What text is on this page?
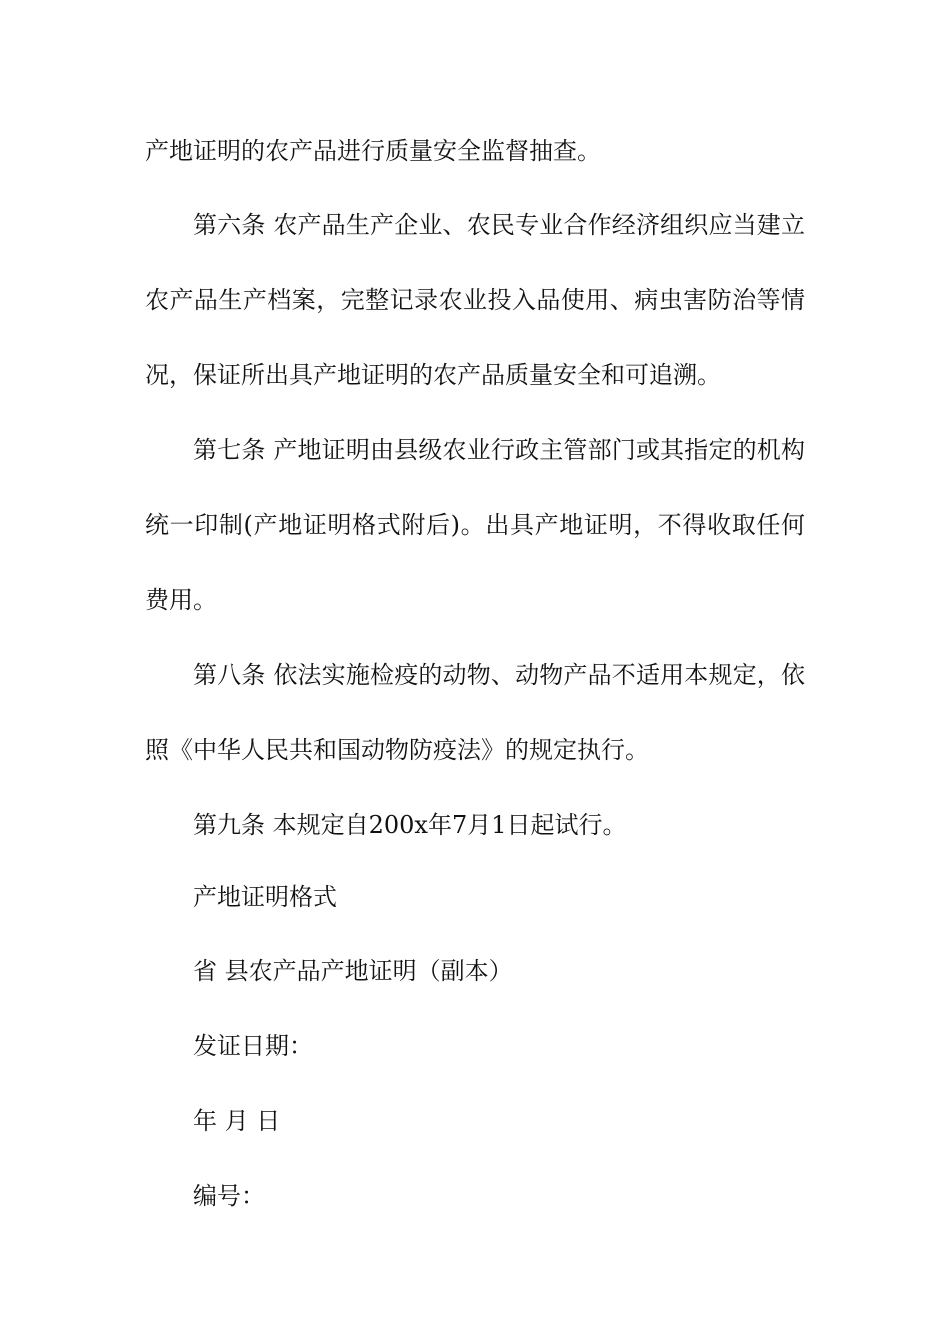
产地证明的农产品进行质量安全监督抽查。
第六条 农产品生产企业、农民专业合作经济组织应当建立
农产品生产档案，完整记录农业投入品使用、病虫害防治等情
况，保证所出具产地证明的农产品质量安全和可追溯。
第七条 产地证明由县级农业行政主管部门或其指定的机构
统一印制(产地证明格式附后)。出具产地证明，不得收取任何
费用。
第八条 依法实施检疫的动物、动物产品不适用本规定，依
照《中华人民共和国动物防疫法》的规定执行。
第九条 本规定自200x年7月1日起试行。
产地证明格式
省 县农产品产地证明（副本）
发证日期：
年 月 日
编号：
